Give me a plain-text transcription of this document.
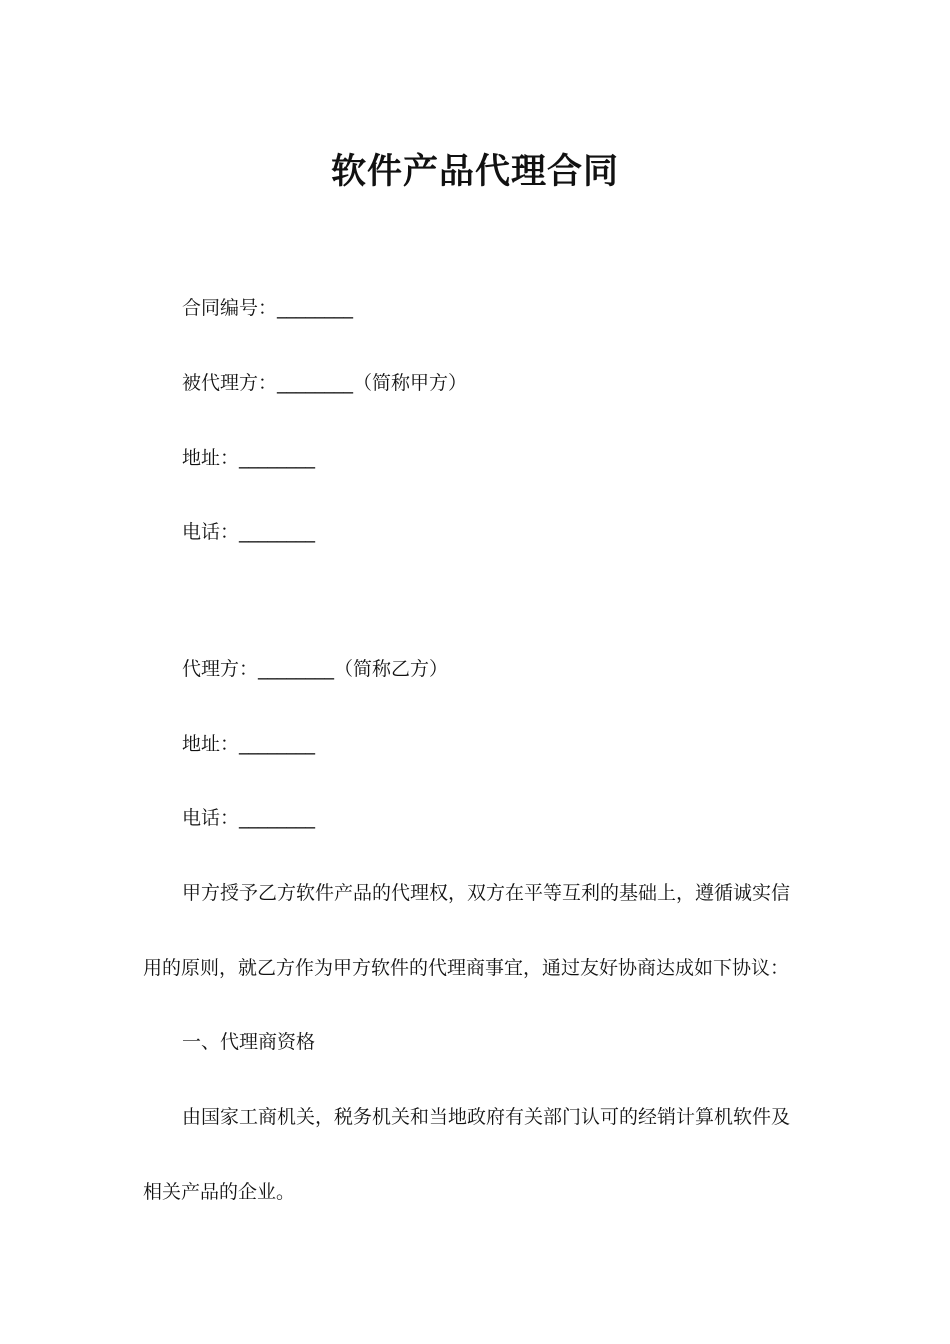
软件产品代理合同
合同编号：________
被代理方：________（简称甲方）
地址：________
电话：________
代理方：________（简称乙方）
地址：________
电话：________
甲方授予乙方软件产品的代理权，双方在平等互利的基础上，遵循诚实信
用的原则，就乙方作为甲方软件的代理商事宜，通过友好协商达成如下协议：
一、代理商资格
由国家工商机关，税务机关和当地政府有关部门认可的经销计算机软件及
相关产品的企业。
